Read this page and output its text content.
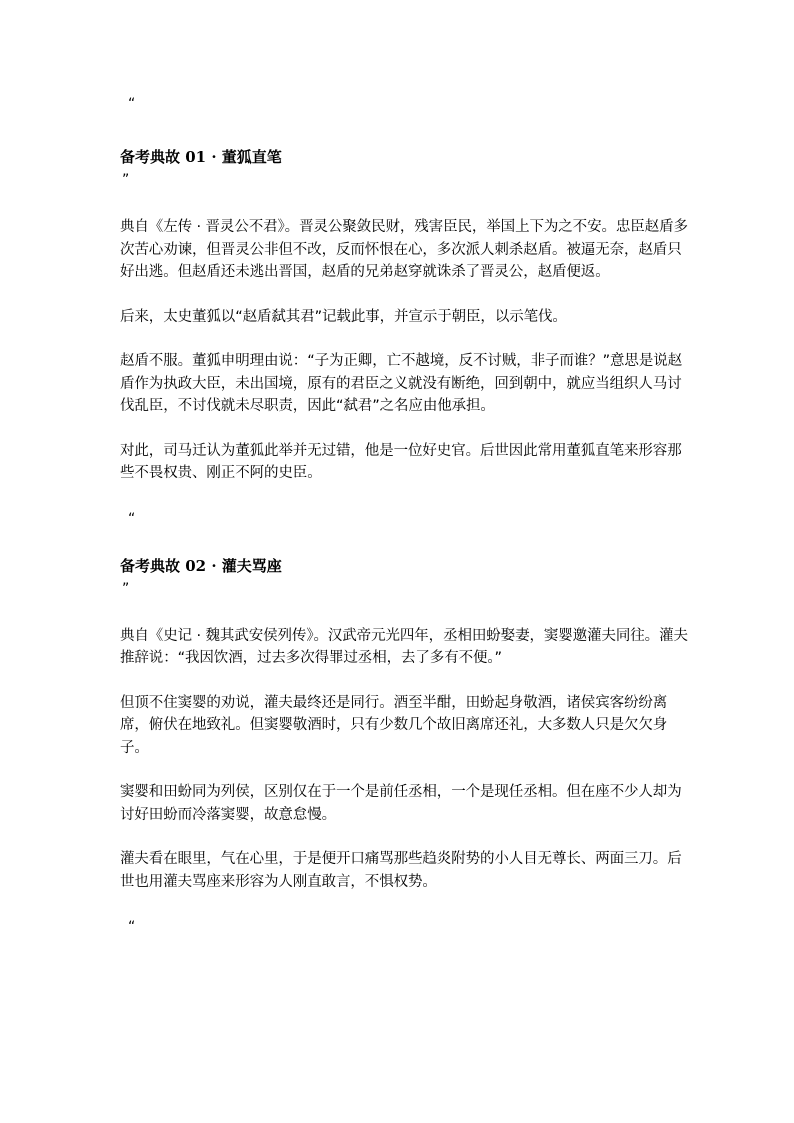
“

备考典故 01 · 董狐直笔

”

典自《左传 · 晋灵公不君》。晋灵公聚敛民财，残害臣民，举国上下为之不安。忠臣赵盾多次苦心劝谏，但晋灵公非但不改，反而怀恨在心，多次派人刺杀赵盾。被逼无奈，赵盾只好出逃。但赵盾还未逃出晋国，赵盾的兄弟赵穿就诛杀了晋灵公，赵盾便返。

后来，太史董狐以“赵盾弑其君”记载此事，并宣示于朝臣，以示笔伐。

赵盾不服。董狐申明理由说：“子为正卿，亡不越境，反不讨贼，非子而谁？”意思是说赵盾作为执政大臣，未出国境，原有的君臣之义就没有断绝，回到朝中，就应当组织人马讨伐乱臣，不讨伐就未尽职责，因此“弑君”之名应由他承担。

对此，司马迁认为董狐此举并无过错，他是一位好史官。后世因此常用董狐直笔来形容那些不畏权贵、刚正不阿的史臣。

“

备考典故 02 · 灌夫骂座

”

典自《史记 · 魏其武安侯列传》。汉武帝元光四年，丞相田蚡娶妻，窦婴邀灌夫同往。灌夫推辞说：“我因饮酒，过去多次得罪过丞相，去了多有不便。”

但顶不住窦婴的劝说，灌夫最终还是同行。酒至半酣，田蚡起身敬酒，诸侯宾客纷纷离席，俯伏在地致礼。但窦婴敬酒时，只有少数几个故旧离席还礼，大多数人只是欠欠身子。

窦婴和田蚡同为列侯，区别仅在于一个是前任丞相，一个是现任丞相。但在座不少人却为讨好田蚡而冷落窦婴，故意怠慢。

灌夫看在眼里，气在心里，于是便开口痛骂那些趋炎附势的小人目无尊长、两面三刀。后世也用灌夫骂座来形容为人刚直敢言，不惧权势。

“
